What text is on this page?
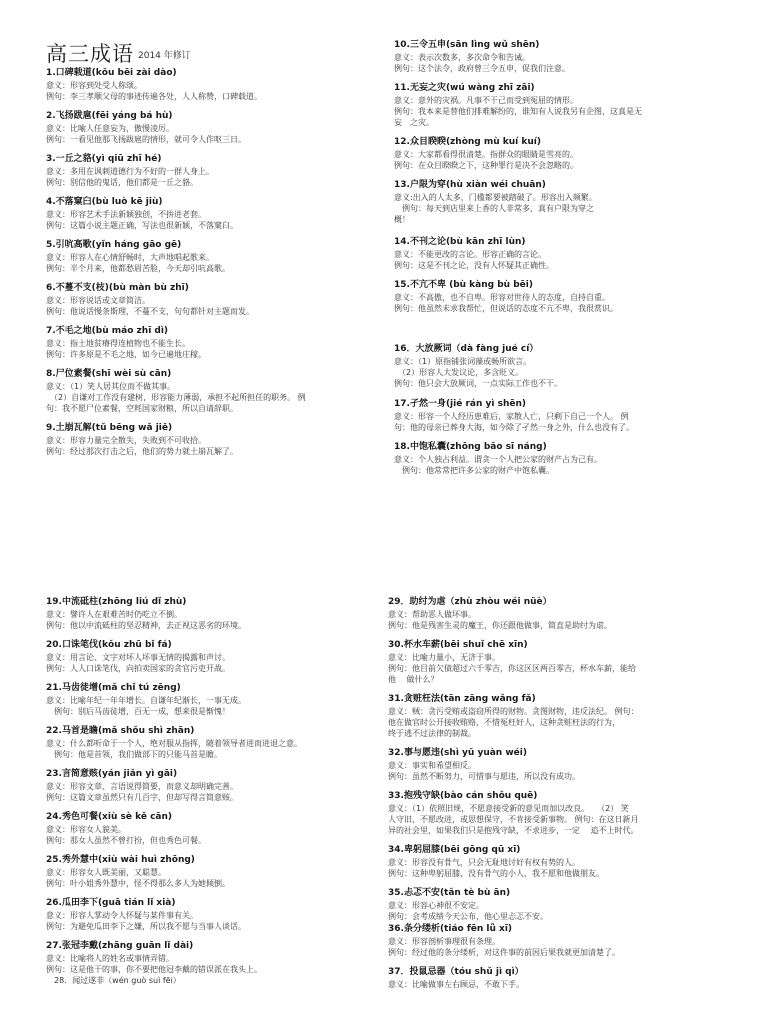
高三成语 2014 年修订
1.口碑载道(kǒu bēi zài dào)
意义：形容到处受人称颂。
例句：李三孝顺父母的事迹传遍各处，人人称赞，口碑载道。
2.飞扬跋扈(fēi yáng bá hù)
意义：比喻人任意妄为，傲慢凌厉。
例句：一看见他那飞扬跋扈的情形，就可令人作呕三日。
3.一丘之貉(yì qiū zhī hé)
意义：多用在讽刺道德行为不好的一群人身上。
例句：别信他的鬼话，他们都是一丘之貉。
4.不落窠臼(bù luò kē jiù)
意义：形容艺术手法新颖独创，不拚进老套。
例句：这篇小说主题正确，写法也很新颖，不落窠臼。
5.引吭高歌(yǐn háng gāo gē)
意义：形容人在心情舒畅时，大声地唱起歌来。
例句：半个月来，他都愁眉苦脸，今天却引吭高歌。
6.不蔓不支(枝)(bù màn bù zhī)
意义：形容说话或文章简洁。
例句：他说话慢条斯理，不蔓不支，句句都针对主题而发。
7.不毛之地(bù máo zhī dì)
意义：指土地贫瘠得连植物也不能生长。
例句：许多原是不毛之地，如今已遍地庄稼。
8.尸位素餐(shī wèi sù cān)
意义：（1）笑人居其位而不做其事。
　（2）自谦对工作没有建树，形容能力薄弱，承担不起所担任的职务。 例
句：我不愿尸位素餐，空耗国家财粮，所以自请辞职。
9.土崩瓦解(tǔ bēng wǎ jiě)
意义：形容力量完全散失，失败到不可收拾。
例句：经过那次打击之后，他们的势力就土崩瓦解了。
10.三令五申(sān lìng wǔ shēn)
意义：表示次数多，多次命令和告诫。
例句：这个法令，政府曾三令五申，促我们注意。
11.无妄之灾(wú wàng zhī zāi)
意义：意外的灾祸。凡事不干己而受到冤屈的情形。
例句：我本来是替他们排难解纷的，谁知有人说我另有企图，这真是无
妄　之灾。
12.众目睽睽(zhòng mù kuí kuí)
意义：大家都看得很清楚。指群众的眼睛是雪亮的。
例句：在众目睽睽之下，这种罪行是决不会忽略的。
13.户限为穿(hù xiàn wéi chuān)
意义:出入的人太多，门槛都要被踏破了。形容出入频繁。
　例句：每天到店里来上香的人非常多，真有户限为穿之
概！
14.不刊之论(bù kān zhī lùn)
意义：不能更改的言论。形容正确的言论。
例句：这是不刊之论，没有人怀疑其正确性。
15.不亢不卑 (bù kàng bù bēi)
意义：不高傲，也不自卑。形容对世待人的态度，自持自重。
例句：他虽然未求我帮忙，但说话的态度不亢不卑，我很赏识。
16．大放厥词（dà fàng jué cí）
意义：（1）原指铺张词藻或畅所欲言。
　（2）形容人大发议论，多含贬义。
例句：他只会大放厥词，一点实际工作也不干。
17.孑然一身(jié rán yì shēn)
意义：形容一个人经历患难后，家散人亡，只剩下自己一个人。 例
句：他的母亲已葬身大海，如今除了孑然一身之外，什么也没有了。
18.中饱私囊(zhōng bǎo sī náng)
意义：个人独占利益。谓贪一个人把公家的财产占为己有。
　例句：他常常把许多公家的财产中饱私囊。
19.中流砥柱(zhōng liú dǐ zhù)
意义：譬许人在艰难苦时仍吃立不倒。
例句：他以中流砥柱的坚忍精神，去正视这恶劣的环境。
20.口诛笔伐(kǒu zhū bǐ fá)
意义：用言论、文字对坏人坏事无情的揭露和声讨。
例句：人人口诛笔伐，向拍卖国家的贪官污吏开战。
21.马齿徒增(mǎ chǐ tú zēng)
意义：比喻年纪一年年增长。自谦年纪渐长，一事无成。
　例句：别后马齿徒增，百无一成，想来很是惭愧！
22.马首是瞻(mǎ shǒu shì zhān)
意义：什么都听命于一个人，绝对服从指挥，随着领导者进而进退之意。
　例句：他是首领，我们做部下的只能马首是瞻。
23.言简意赅(yán jiǎn yì gāi)
意义：形容文章、言语说得简要，而意义却明确完善。
例句：这篇文章虽然只有几百字，但却写得言简意赅。
24.秀色可餐(xiù sè kě cān)
意义：形容女人貌美。
例句：那女人虽然不曾打扮，但也秀色可餐。
25.秀外慧中(xiù wài huì zhōng)
意义：形容女人既美丽，又聪慧。
例句：叶小姐秀外慧中，怪不得那么多人为她倾倒。
26.瓜田李下(guā tián lǐ xià)
意义：形容人掌动令人怀疑与某件事有关。
例句：为避免瓜田李下之嫌，所以我不愿与当事人谈话。
27.张冠李戴(zhāng guān lǐ dài)
意义：比喻将人的姓名或事情弄错。
例句：这是他干的事，你不要把他冠李戴的错误派在我头上。
　28．闻过遂非（wén guò suì fēi）
29．助纣为虐（zhù zhòu wéi nüè）
意义：帮助恶人做坏事。
例句：他是残害生灵的魔王，你还跟他做事，简直是助纣为虐。
30.杯水车薪(bēi shuǐ chē xīn)
意义：比喻力量小，无济于事。
例句：他目前欠债超过六千零吉，你这区区两百零吉，杯水车薪，能给
他　 做什么？
31.贪赃枉法(tān zāng wǎng fǎ)
意义：贼：贪污受贿或盗窃所得的财物。贪图财物，违反法纪。 例句：
他在做官时公开接收贿赂，不惜冤枉好人，这种贪赃枉法的行为，
终于逃不过法律的制裁。
32.事与愿违(shì yǔ yuàn wéi)
意义：事实和希望相反。
例句：虽然不断努力，可惜事与愿违，所以没有成功。
33.抱残守缺(bào cán shǒu quē)
意义：（1）依照旧规，不愿意接受新的意见而加以改良。　　（2） 笑
人守旧，不愿改进，或思想保守，不肯接受新事物。 例句：在这日新月
异的社会里，如果我们只是抱残守缺，不求进步，一定　 追不上时代。
34.卑躬屈膝(bēi gōng qū xī)
意义：形容没有骨气，只会无耻地讨好有权有势的人。
例句：这种卑躬屈膝、没有骨气的小人，我不愿和他做朋友。
35.忐忑不安(tǎn tè bù ān)
意义：形容心神很不安定。
例句：会考成绩今天公布，他心里忐忑不安。
36.条分缕析(tiáo fēn lǚ xī)
意义：形容剖析事理很有条理。
例句：经过他的条分缕析，对这件事的前因后果我就更加清楚了。
37．投鼠忌器（tóu shǔ jì qì）
意义：比喻做事左右顾忌，不敢下手。
